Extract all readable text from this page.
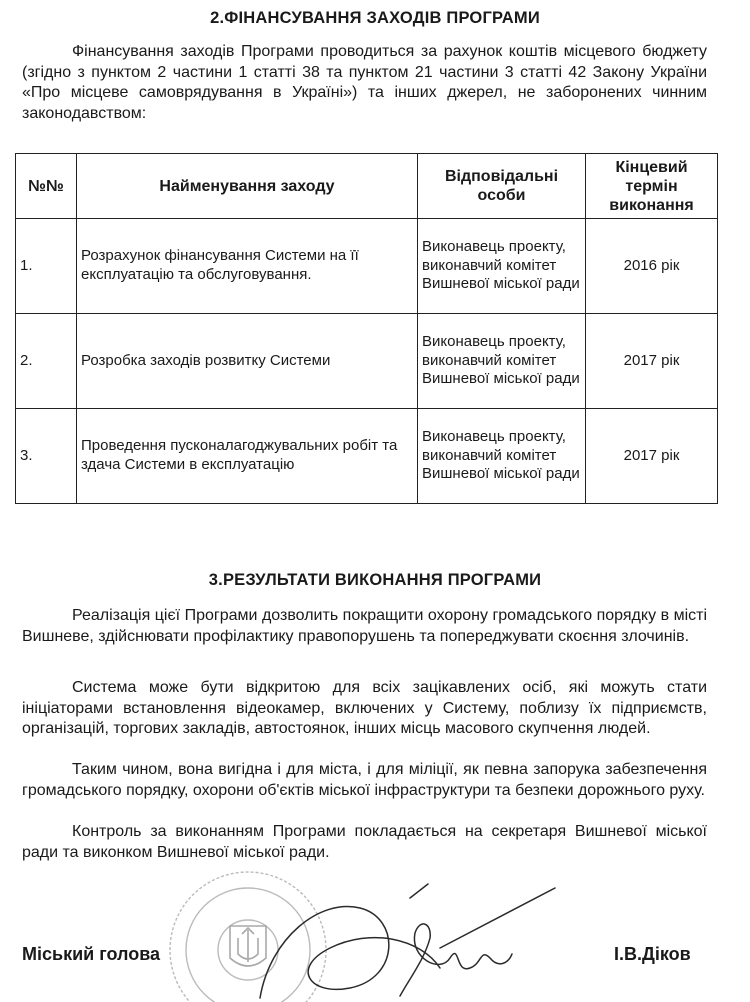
2.ФІНАНСУВАННЯ ЗАХОДІВ ПРОГРАМИ
Фінансування заходів Програми проводиться за рахунок коштів місцевого бюджету (згідно з пунктом 2 частини 1 статті 38 та пунктом 21 частини 3 статті 42 Закону України «Про місцеве самоврядування в Україні») та інших джерел, не заборонених чинним законодавством:
№№	Найменування заходу	Відповідальні особи	Кінцевий термін виконання
1.	Розрахунок фінансування Системи на її експлуатацію та обслуговування.	Виконавець проекту, виконавчий комітет Вишневої міської ради	2016 рік
2.	Розробка заходів розвитку Системи	Виконавець проекту, виконавчий комітет Вишневої міської ради	2017 рік
3.	Проведення пусконалагоджувальних робіт та здача Системи в експлуатацію	Виконавець проекту, виконавчий комітет Вишневої міської ради	2017 рік
3.РЕЗУЛЬТАТИ ВИКОНАННЯ ПРОГРАМИ
Реалізація цієї Програми дозволить покращити охорону громадського порядку в місті Вишневе, здійснювати профілактику правопорушень та попереджувати скоєння злочинів.
Система може бути відкритою для всіх зацікавлених осіб, які можуть стати ініціаторами встановлення відеокамер, включених у Систему, поблизу їх підприємств, організацій, торгових закладів, автостоянок, інших місць масового скупчення людей.
Таким чином, вона вигідна і для міста, і для міліції, як певна запорука забезпечення громадського порядку, охорони об'єктів міської інфраструктури та безпеки дорожнього руху.
Контроль за виконанням Програми покладається на секретаря Вишневої міської ради та виконком Вишневої міської ради.
Міський голова	І.В.Діков
